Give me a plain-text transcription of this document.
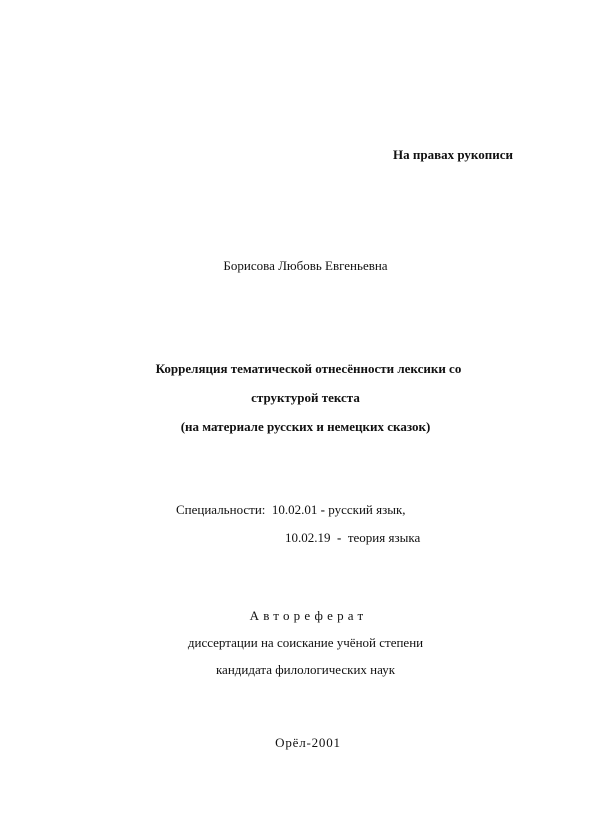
На правах рукописи
Борисова Любовь Евгеньевна
Корреляция тематической отнесённости лексики со
структурой текста
(на материале русских и немецких сказок)
Специальности: 10.02.01 - русский язык,
10.02.19 - теория языка
Автореферат
диссертации на соискание учёной степени
кандидата филологических наук
Орёл-2001
